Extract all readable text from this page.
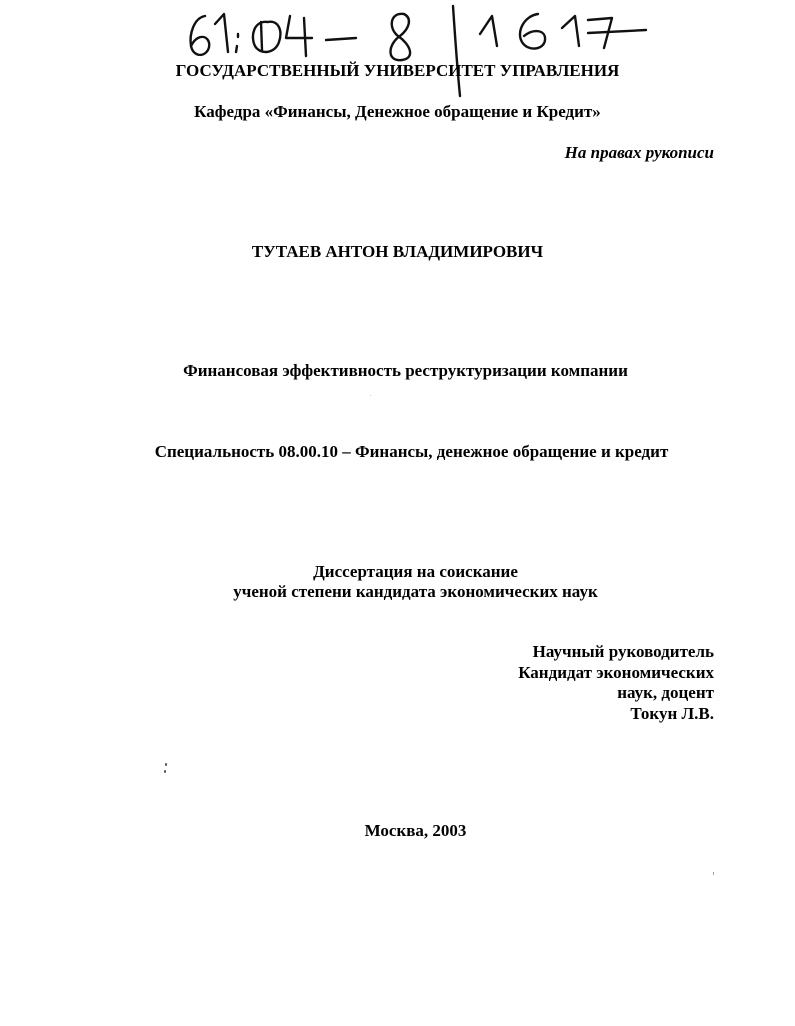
ГОСУДАРСТВЕННЫЙ УНИВЕРСИТЕТ УПРАВЛЕНИЯ
Кафедра «Финансы, Денежное обращение и Кредит»
На правах рукописи
ТУТАЕВ АНТОН ВЛАДИМИРОВИЧ
Финансовая эффективность реструктуризации компании
Специальность 08.00.10 – Финансы, денежное обращение и кредит
Диссертация на соискание
ученой степени кандидата экономических наук
Научный руководитель
Кандидат экономических
наук, доцент
Токун Л.В.
Москва, 2003
